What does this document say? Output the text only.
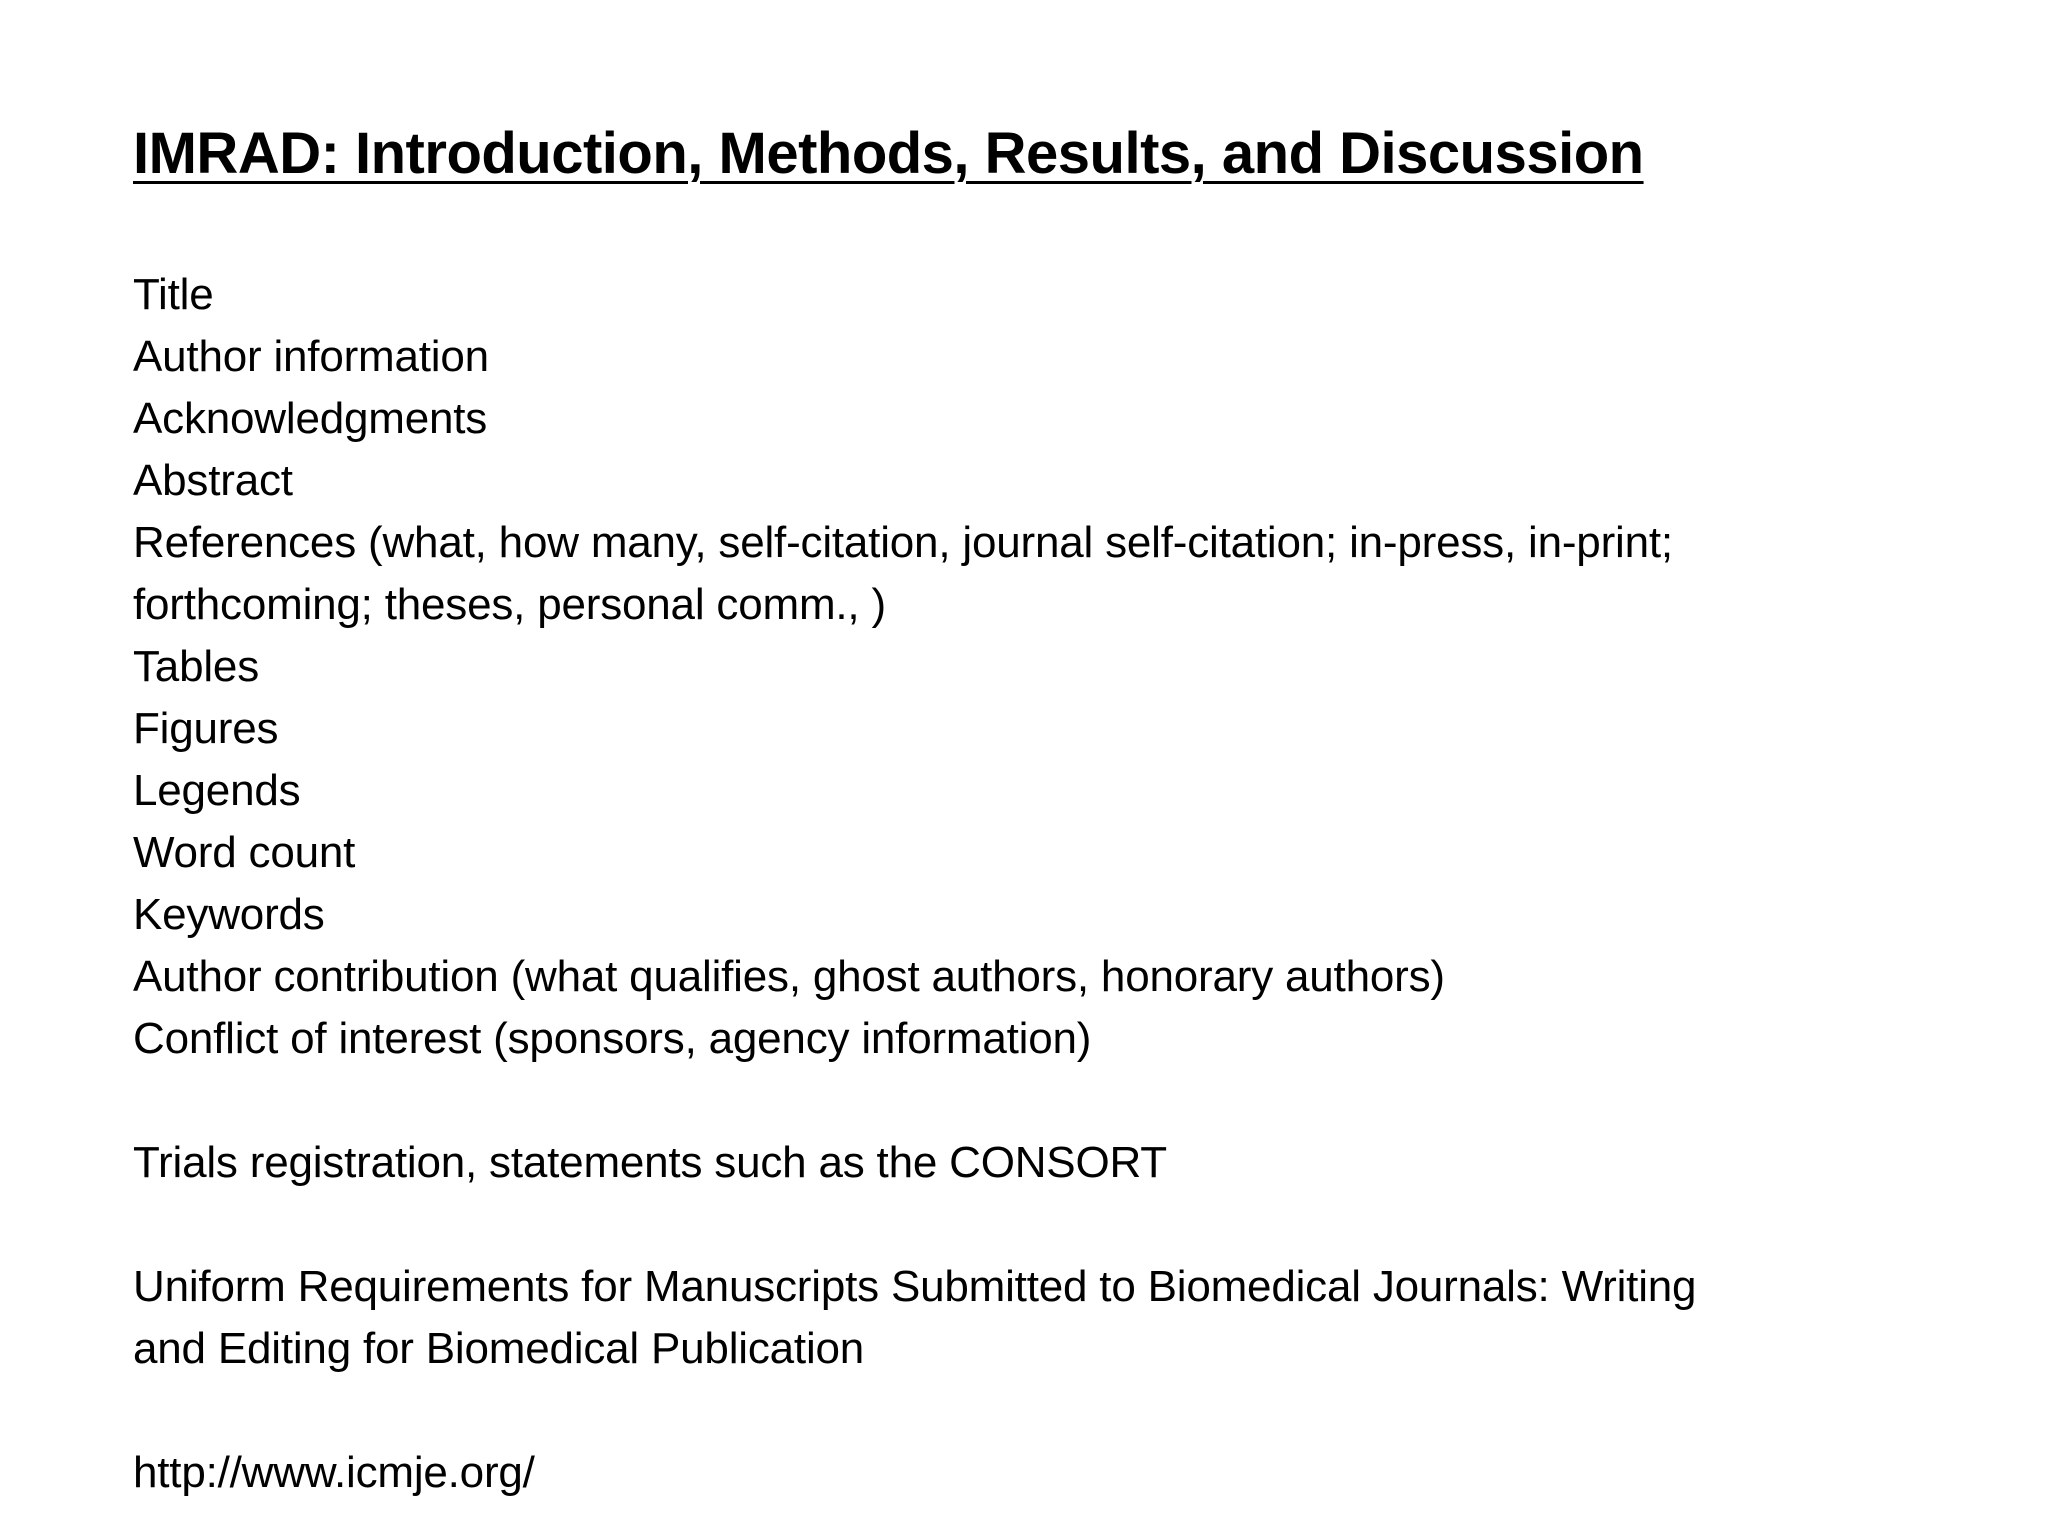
IMRAD: Introduction, Methods, Results, and Discussion
Title
Author information
Acknowledgments
Abstract
References (what, how many, self-citation, journal self-citation; in-press, in-print;
forthcoming; theses, personal comm., )
Tables
Figures
Legends
Word count
Keywords
Author contribution (what qualifies, ghost authors, honorary authors)
Conflict of interest (sponsors, agency information)
Trials registration, statements such as the CONSORT
Uniform Requirements for Manuscripts Submitted to Biomedical Journals: Writing
and Editing for Biomedical Publication
http://www.icmje.org/
